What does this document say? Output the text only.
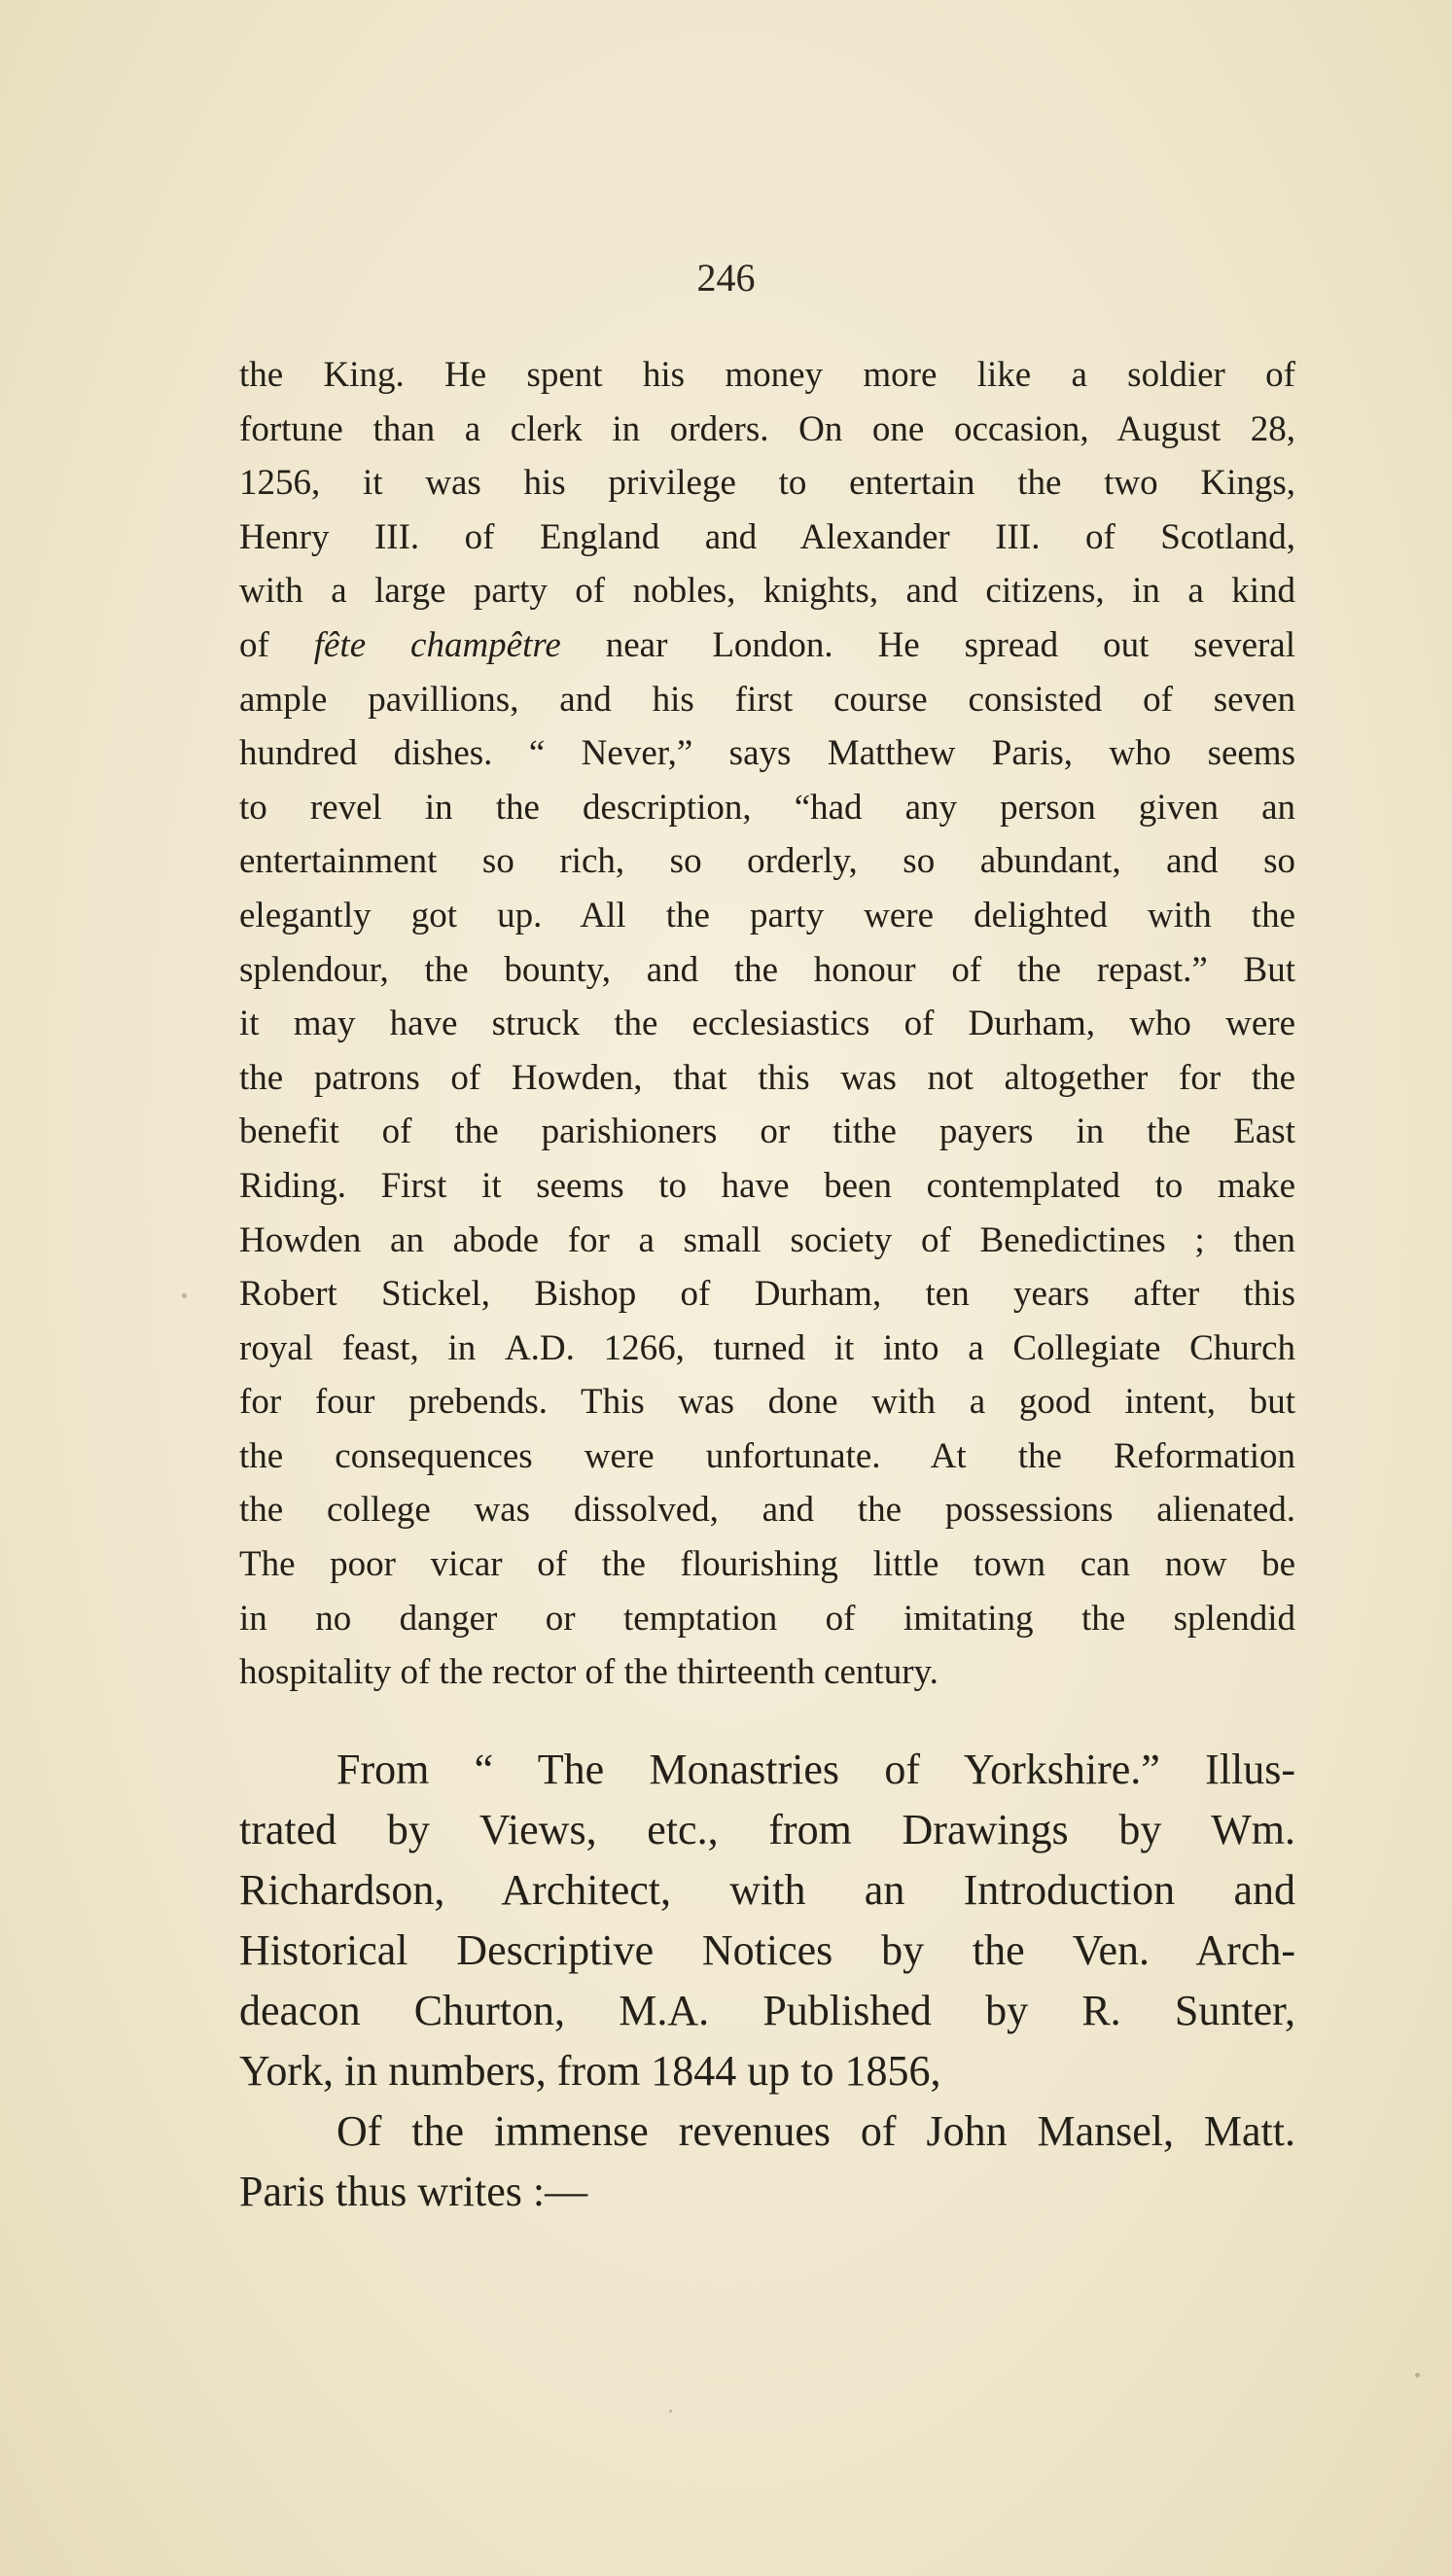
246
the King. He spent his money more like a soldier of
fortune than a clerk in orders. On one occasion, August 28,
1256, it was his privilege to entertain the two Kings,
Henry III. of England and Alexander III. of Scotland,
with a large party of nobles, knights, and citizens, in a kind
of fête champêtre near London. He spread out several
ample pavillions, and his first course consisted of seven
hundred dishes. “ Never,” says Matthew Paris, who seems
to revel in the description, “had any person given an
entertainment so rich, so orderly, so abundant, and so
elegantly got up. All the party were delighted with the
splendour, the bounty, and the honour of the repast.” But
it may have struck the ecclesiastics of Durham, who were
the patrons of Howden, that this was not altogether for the
benefit of the parishioners or tithe payers in the East
Riding. First it seems to have been contemplated to make
Howden an abode for a small society of Benedictines ; then
Robert Stickel, Bishop of Durham, ten years after this
royal feast, in A.D. 1266, turned it into a Collegiate Church
for four prebends. This was done with a good intent, but
the consequences were unfortunate. At the Reformation
the college was dissolved, and the possessions alienated.
The poor vicar of the flourishing little town can now be
in no danger or temptation of imitating the splendid
hospitality of the rector of the thirteenth century.
From “ The Monastries of Yorkshire.” Illus-
trated by Views, etc., from Drawings by Wm.
Richardson, Architect, with an Introduction and
Historical Descriptive Notices by the Ven. Arch-
deacon Churton, M.A. Published by R. Sunter,
York, in numbers, from 1844 up to 1856,
Of the immense revenues of John Mansel, Matt.
Paris thus writes :—
